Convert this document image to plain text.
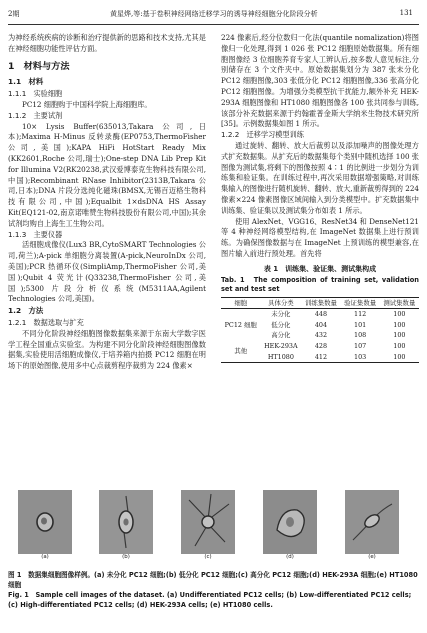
2期	黄星烨,等:基于卷积神经网络迁移学习的诱导神经细胞分化阶段分析	131

为神经系统疾病的诊断和治疗提供新的思路和技术支持,尤其是在神经细胞功能性评估方面。

1　材料与方法
1.1　材料
1.1.1　实验细胞

PC12 细胞购于中国科学院上海细胞库。

1.1.2　主要试剂

10× Lysis Buffer(635013,Takara 公司,日本);Maxima H-Minus 反转录酶(EP0753,ThermoFisher 公司,美国);KAPA HiFi HotStart Ready Mix (KK2601,Roche 公司,瑞士);One-step DNA Lib Prep Kit for Illumina V2(RK20238,武汉爱博泰克生物科技有限公司,中国);Recombinant RNase Inhibitor(2313B,Takara 公司,日本);DNA 片段分选纯化磁珠(BMSX,无锡百迈格生物科技有限公司,中国);Equalbit 1×dsDNA HS Assay Kit(EQ121-02,南京诺唯赞生物科技股份有限公司,中国);其余试剂均购自上海生工生物公司。

1.1.3　主要仪器

活细胞成像仪(Lux3 BR,CytoSMART Technologies 公司,荷兰);A-pick 单细胞分离装置(A-pick,NeuroInDx 公司,美国);PCR 热循环仪(SimpliAmp,ThermoFisher 公司,美国);Qubit 4 荧光计(Q33238,ThermoFisher 公司,美国);5300 片段分析仪系统(M5311AA,Agilent Technologies 公司,美国)。

1.2　方法
1.2.1　数据选取与扩充

不同分化阶段神经细胞图像数据集来源于东南大学数字医学工程全国重点实验室。为构建不同分化阶段神经细胞图像数据集,实验使用活细胞成像仪,于培养箱内拍摄 PC12 细胞在明场下的原始图像,使用多中心点裁剪程序裁剪为 224 像素×

224 像素后,经分位数归一化法(quantile nomalization)将图像归一化处理,得到 1 026 张 PC12 细胞原始数据集。所有细胞图像经 3 位细胞养育专家人工辨认后,按多数人意见标注,分别储存在 3 个文件夹中。原始数据集划分为 387 张未分化 PC12 细胞图像,303 张低分化 PC12 细胞图像,336 张高分化 PC12 细胞图像。为增强分类模型抗干扰能力,额外补充 HEK-293A 细胞图像和 HT1080 细胞图像各 100 张共同参与训练,该部分补充数据来源于约翰霍普金斯大学纳米生物技术研究所[35]。示例数据集如图 1 所示。

1.2.2　迁移学习模型训练

通过旋转、翻转、放大后裁剪以及添加噪声的图像处理方式扩充数据集。从扩充后的数据集每个类别中随机选择 100 张图像为测试集,将剩下的图像按照 4∶1 的比例进一步划分为训练集和验证集。在训练过程中,再次采用数据增强策略,对训练集输入的图像进行随机旋转、翻转、放大,重新裁剪得到的 224 像素×224 像素图像区域间输入到分类模型中。扩充数据集中训练集、验证集以及测试集分布如表 1 所示。

使用 AlexNet、VGG16、ResNet34 和 DenseNet121 等 4 种神经网络模型结构,在 ImageNet 数据集上进行预训练。为确保图像数据与在 ImageNet 上预训练的模型兼容,在图片输入前进行预处理。首先将

表 1　训练集、验证集、测试集构成
Tab. 1　The composition of training set, validation set and test set
细胞	具体分类	训练集数量	验证集数量	测试集数量
PC12 细胞	未分化	448	112	100
	低分化	404	101	100
	高分化	432	108	100
其他	HEK-293A	428	107	100
	HT1080	412	103	100
(a)	(b)	(c)	(d)	(e)
图 1　数据集细胞图像样例。(a) 未分化 PC12 细胞;(b) 低分化 PC12 细胞;(c) 高分化 PC12 细胞;(d) HEK-293A 细胞;(e) HT1080 细胞
Fig. 1　Sample cell images of the dataset. (a) Undifferentiated PC12 cells; (b) Low-differentiated PC12 cells; (c) High-differentiated PC12 cells; (d) HEK-293A cells; (e) HT1080 cells.
